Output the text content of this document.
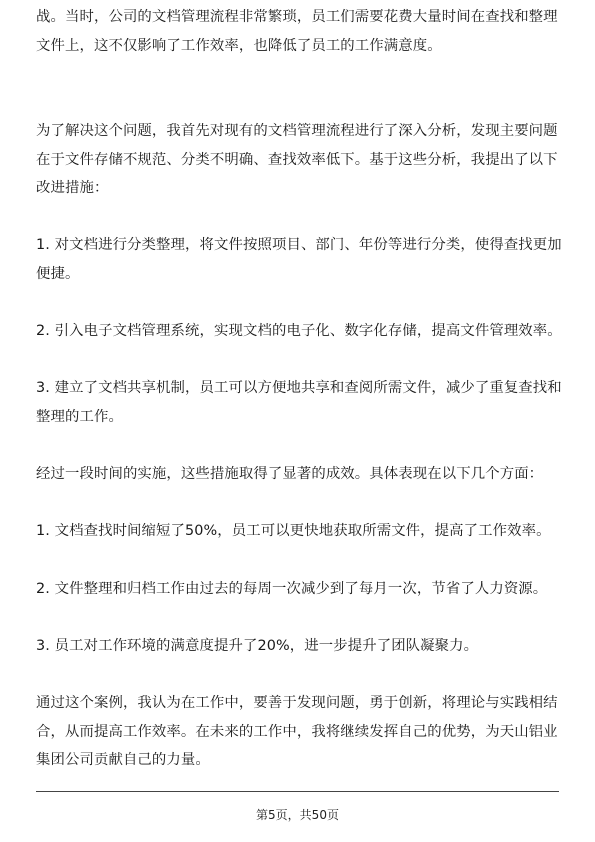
战。当时，公司的文档管理流程非常繁琐，员工们需要花费大量时间在查找和整理
文件上，这不仅影响了工作效率，也降低了员工的工作满意度。
为了解决这个问题，我首先对现有的文档管理流程进行了深入分析，发现主要问题
在于文件存储不规范、分类不明确、查找效率低下。基于这些分析，我提出了以下
改进措施：
1. 对文档进行分类整理，将文件按照项目、部门、年份等进行分类，使得查找更加
便捷。
2. 引入电子文档管理系统，实现文档的电子化、数字化存储，提高文件管理效率。
3. 建立了文档共享机制，员工可以方便地共享和查阅所需文件，减少了重复查找和
整理的工作。
经过一段时间的实施，这些措施取得了显著的成效。具体表现在以下几个方面：
1. 文档查找时间缩短了50%，员工可以更快地获取所需文件，提高了工作效率。
2. 文件整理和归档工作由过去的每周一次减少到了每月一次，节省了人力资源。
3. 员工对工作环境的满意度提升了20%，进一步提升了团队凝聚力。
通过这个案例，我认为在工作中，要善于发现问题，勇于创新，将理论与实践相结
合，从而提高工作效率。在未来的工作中，我将继续发挥自己的优势，为天山铝业
集团公司贡献自己的力量。
第5页，共50页
